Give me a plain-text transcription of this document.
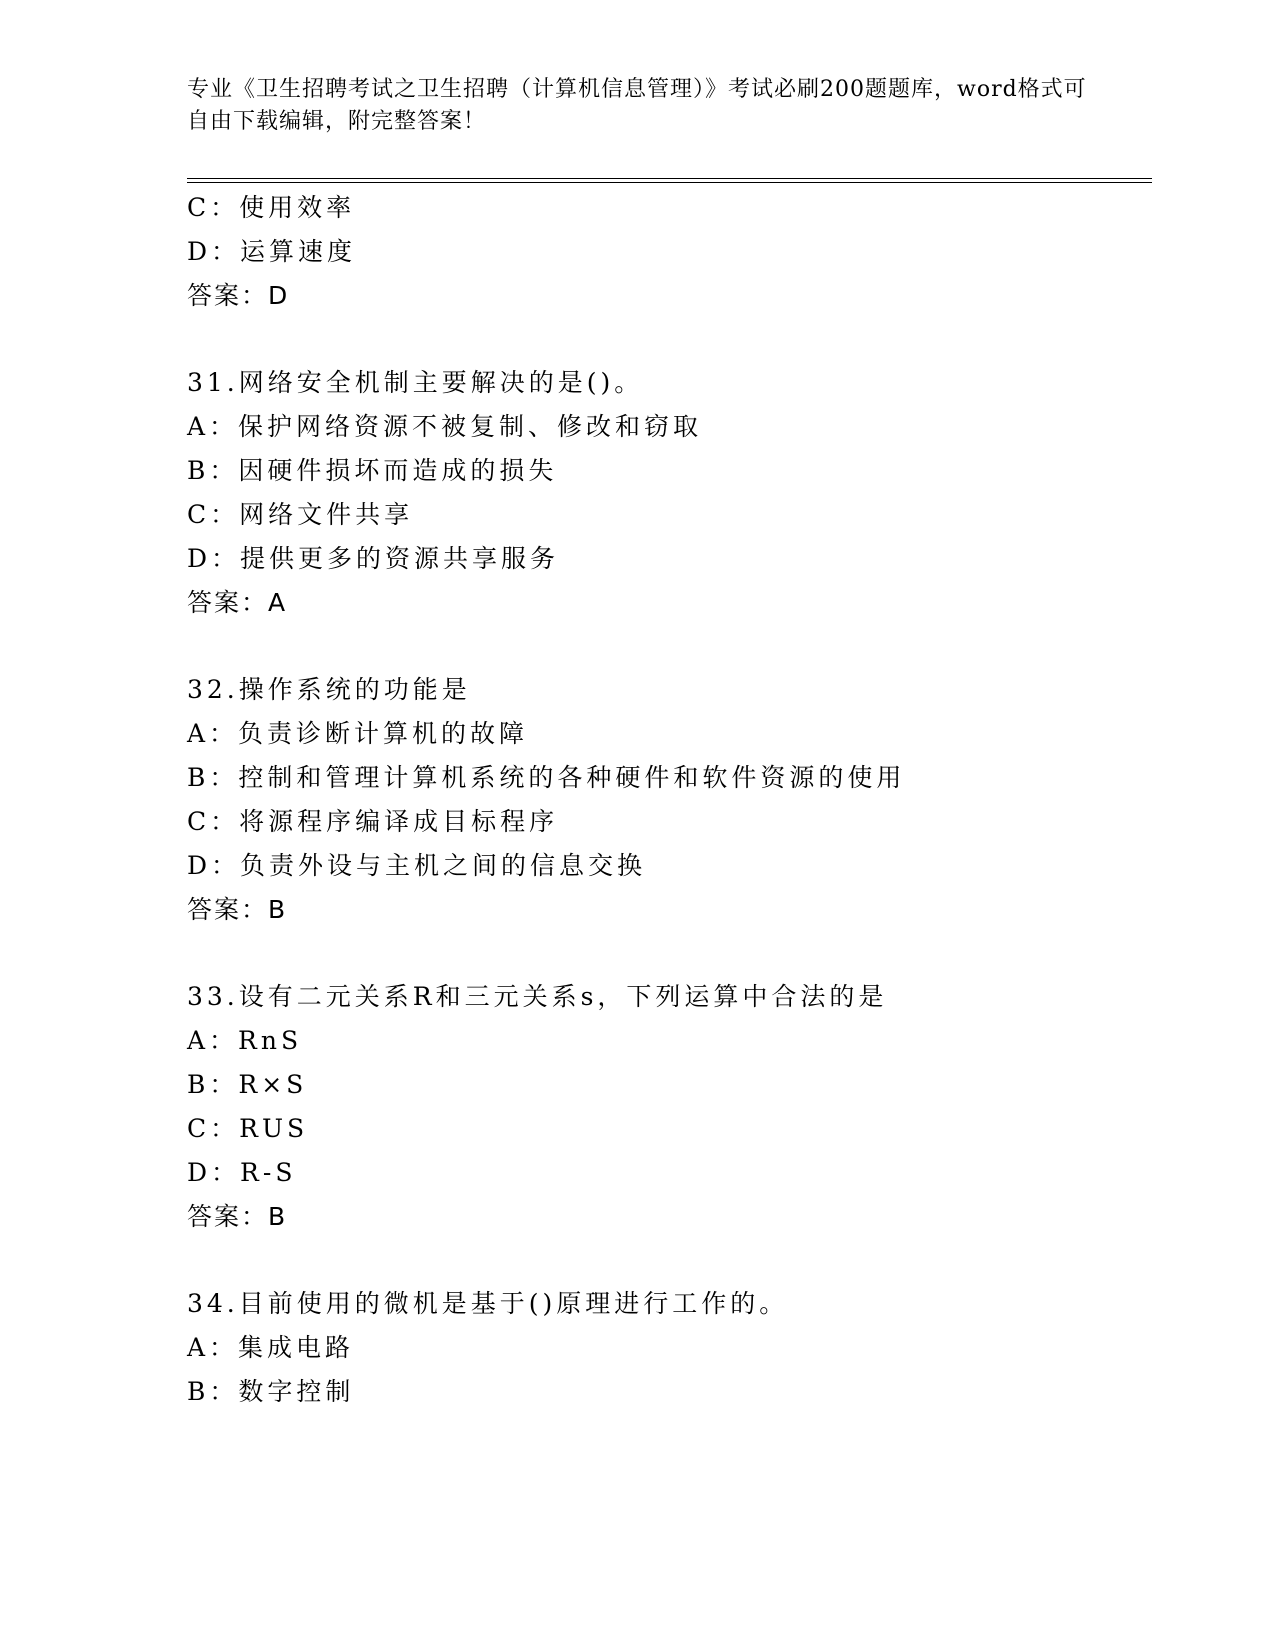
专业《卫生招聘考试之卫生招聘（计算机信息管理）》考试必刷200题题库，word格式可自由下载编辑，附完整答案！
C：使用效率
D：运算速度
答案：D
31.网络安全机制主要解决的是()。
A：保护网络资源不被复制、修改和窃取
B：因硬件损坏而造成的损失
C：网络文件共享
D：提供更多的资源共享服务
答案：A
32.操作系统的功能是
A：负责诊断计算机的故障
B：控制和管理计算机系统的各种硬件和软件资源的使用
C：将源程序编译成目标程序
D：负责外设与主机之间的信息交换
答案：B
33.设有二元关系R和三元关系s，下列运算中合法的是
A：RnS
B：R×S
C：RUS
D：R-S
答案：B
34.目前使用的微机是基于()原理进行工作的。
A：集成电路
B：数字控制
